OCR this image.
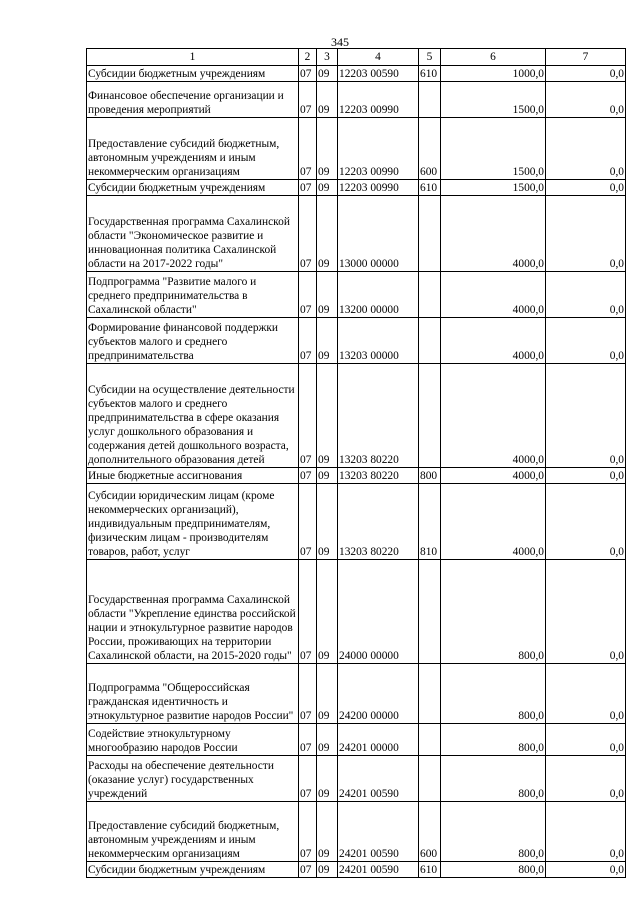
345
1	2	3	4	5	6	7
Субсидии бюджетным учреждениям	07	09	12203 00590	610	1000,0	0,0
Финансовое обеспечение организации и проведения мероприятий	07	09	12203 00990		1500,0	0,0
Предоставление субсидий бюджетным, автономным учреждениям и иным некоммерческим организациям	07	09	12203 00990	600	1500,0	0,0
Субсидии бюджетным учреждениям	07	09	12203 00990	610	1500,0	0,0
Государственная программа Сахалинской области "Экономическое развитие и инновационная политика Сахалинской области на 2017-2022 годы"	07	09	13000 00000		4000,0	0,0
Подпрограмма "Развитие малого и среднего предпринимательства в Сахалинской области"	07	09	13200 00000		4000,0	0,0
Формирование финансовой поддержки субъектов малого и среднего предпринимательства	07	09	13203 00000		4000,0	0,0
Субсидии на осуществление деятельности субъектов малого и среднего предпринимательства в сфере оказания услуг дошкольного образования и содержания детей дошкольного возраста, дополнительного образования детей	07	09	13203 80220		4000,0	0,0
Иные бюджетные ассигнования	07	09	13203 80220	800	4000,0	0,0
Субсидии юридическим лицам (кроме некоммерческих организаций), индивидуальным предпринимателям, физическим лицам - производителям товаров, работ, услуг	07	09	13203 80220	810	4000,0	0,0
Государственная программа Сахалинской области "Укрепление единства российской нации и этнокультурное развитие народов России, проживающих на территории Сахалинской области, на 2015-2020 годы"	07	09	24000 00000		800,0	0,0
Подпрограмма "Общероссийская гражданская идентичность и этнокультурное развитие народов России"	07	09	24200 00000		800,0	0,0
Содействие этнокультурному многообразию народов России	07	09	24201 00000		800,0	0,0
Расходы на обеспечение деятельности (оказание услуг) государственных учреждений	07	09	24201 00590		800,0	0,0
Предоставление субсидий бюджетным, автономным учреждениям и иным некоммерческим организациям	07	09	24201 00590	600	800,0	0,0
Субсидии бюджетным учреждениям	07	09	24201 00590	610	800,0	0,0
